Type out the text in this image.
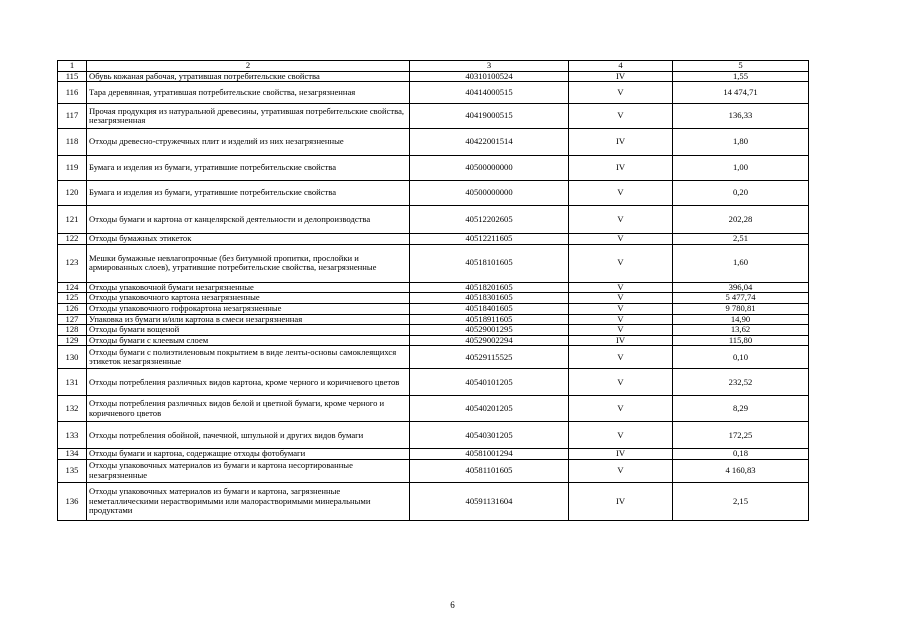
1	2	3	4	5
115	Обувь кожаная рабочая, утратившая потребительские свойства	40310100524	IV	1,55
116	Тара деревянная, утратившая потребительские свойства, незагрязненная	40414000515	V	14 474,71
117	Прочая продукция из натуральной древесины, утратившая потребительские свойства, незагрязненная	40419000515	V	136,33
118	Отходы древесно-стружечных плит и изделий из них незагрязненные	40422001514	IV	1,80
119	Бумага и изделия из бумаги, утратившие потребительские свойства	40500000000	IV	1,00
120	Бумага и изделия из бумаги, утратившие потребительские свойства	40500000000	V	0,20
121	Отходы бумаги и картона от канцелярской деятельности и делопроизводства	40512202605	V	202,28
122	Отходы бумажных этикеток	40512211605	V	2,51
123	Мешки бумажные невлагопрочные (без битумной пропитки, прослойки и армированных слоев), утратившие потребительские свойства, незагрязненные	40518101605	V	1,60
124	Отходы упаковочной бумаги незагрязненные	40518201605	V	396,04
125	Отходы упаковочного картона незагрязненные	40518301605	V	5 477,74
126	Отходы упаковочного гофрокартона незагрязненные	40518401605	V	9 780,81
127	Упаковка из бумаги и/или картона в смеси незагрязненная	40518911605	V	14,90
128	Отходы бумаги вощеной	40529001295	V	13,62
129	Отходы бумаги с клеевым слоем	40529002294	IV	115,80
130	Отходы бумаги с полиэтиленовым покрытием в виде ленты-основы самоклеящихся этикеток незагрязненные	40529115525	V	0,10
131	Отходы потребления различных видов картона, кроме черного и коричневого цветов	40540101205	V	232,52
132	Отходы потребления различных видов белой и цветной бумаги, кроме черного и коричневого цветов	40540201205	V	8,29
133	Отходы потребления обойной, пачечной, шпульной и других видов бумаги	40540301205	V	172,25
134	Отходы бумаги и картона, содержащие отходы фотобумаги	40581001294	IV	0,18
135	Отходы упаковочных материалов из бумаги и картона несортированные незагрязненные	40581101605	V	4 160,83
136	Отходы упаковочных материалов из бумаги и картона, загрязненные неметаллическими нерастворимыми или малорастворимыми минеральными продуктами	40591131604	IV	2,15
6
